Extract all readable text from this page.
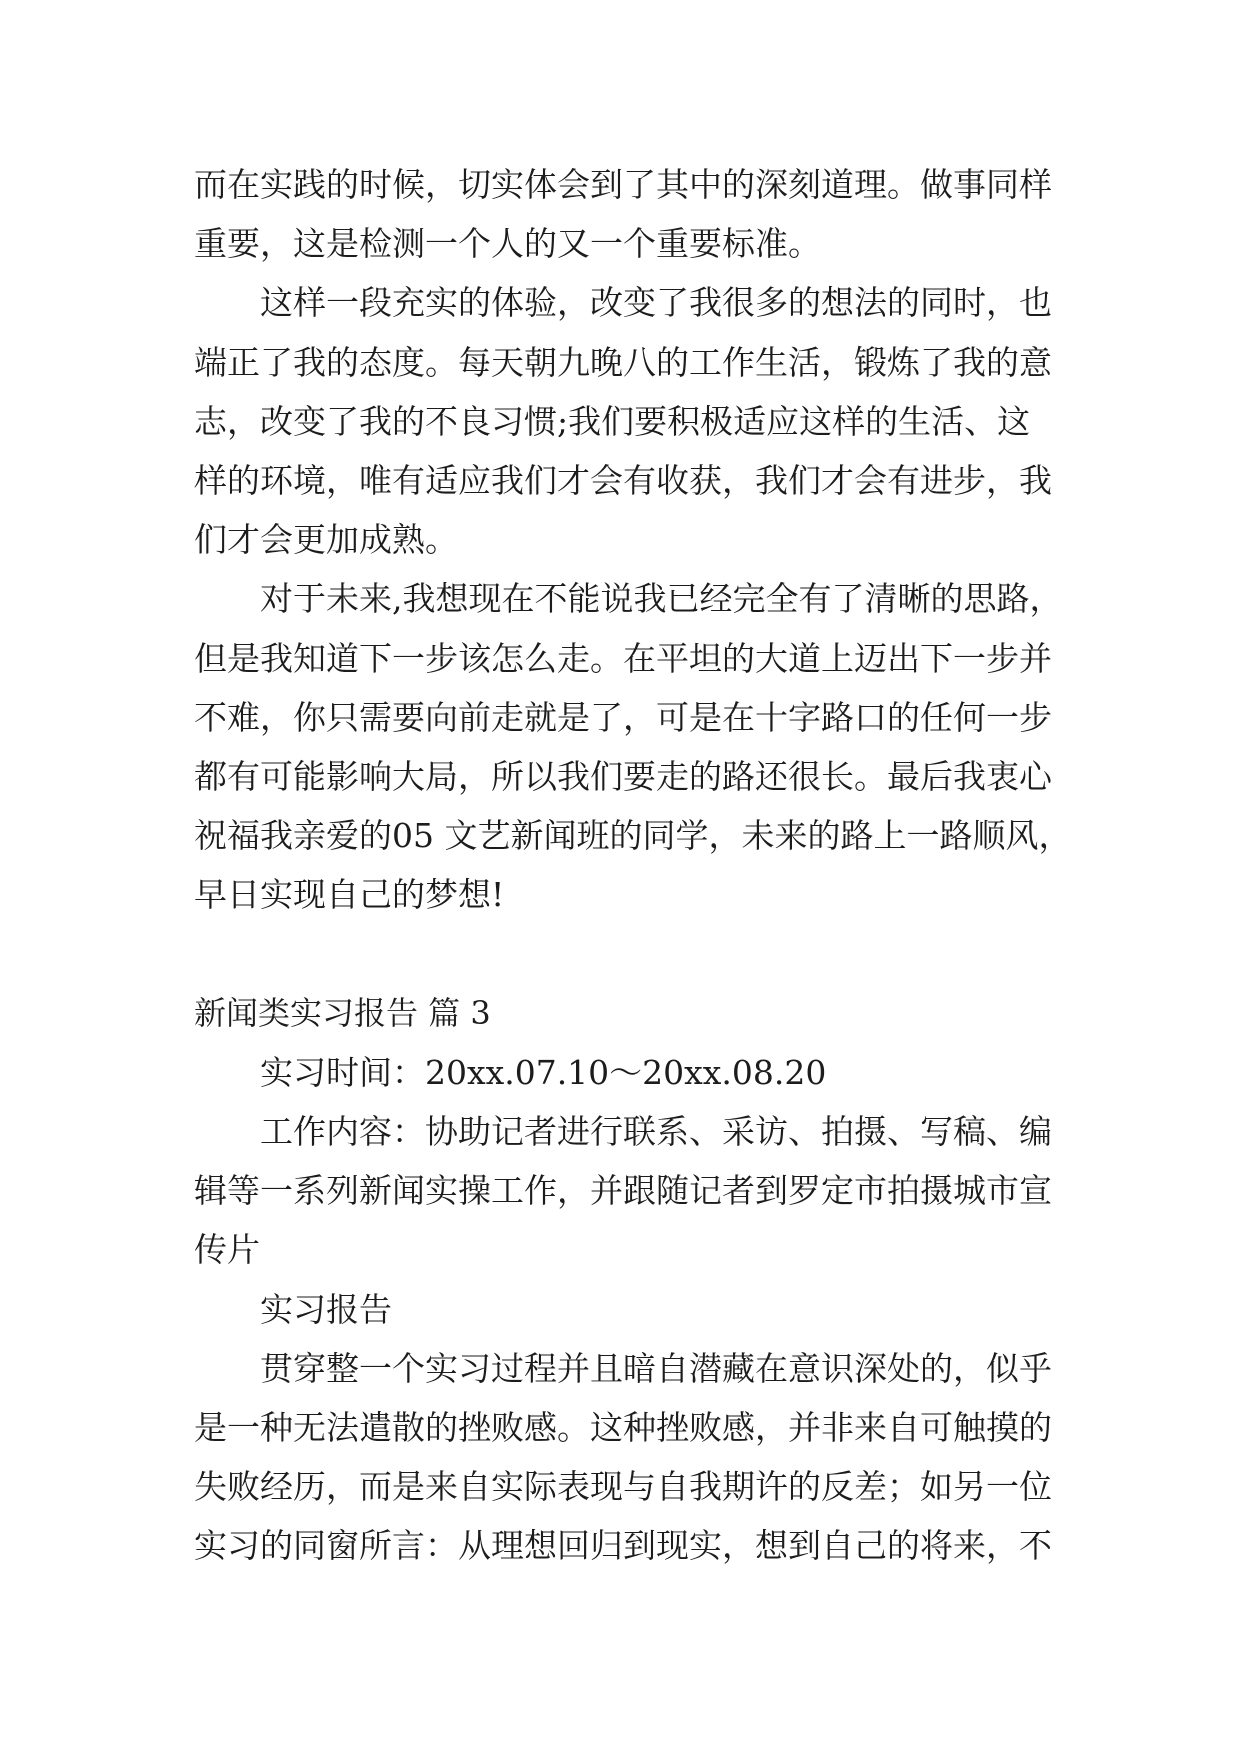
而在实践的时候，切实体会到了其中的深刻道理。做事同样
重要，这是检测一个人的又一个重要标准。
这样一段充实的体验，改变了我很多的想法的同时，也
端正了我的态度。每天朝九晚八的工作生活，锻炼了我的意
志，改变了我的不良习惯;我们要积极适应这样的生活、这
样的环境，唯有适应我们才会有收获，我们才会有进步，我
们才会更加成熟。
对于未来,我想现在不能说我已经完全有了清晰的思路，
但是我知道下一步该怎么走。在平坦的大道上迈出下一步并
不难，你只需要向前走就是了，可是在十字路口的任何一步
都有可能影响大局，所以我们要走的路还很长。最后我衷心
祝福我亲爱的05 文艺新闻班的同学，未来的路上一路顺风，
早日实现自己的梦想!
新闻类实习报告 篇 3
实习时间：20xx.07.10～20xx.08.20
工作内容：协助记者进行联系、采访、拍摄、写稿、编
辑等一系列新闻实操工作，并跟随记者到罗定市拍摄城市宣
传片
实习报告
贯穿整一个实习过程并且暗自潜藏在意识深处的，似乎
是一种无法遣散的挫败感。这种挫败感，并非来自可触摸的
失败经历，而是来自实际表现与自我期许的反差；如另一位
实习的同窗所言：从理想回归到现实，想到自己的将来，不
